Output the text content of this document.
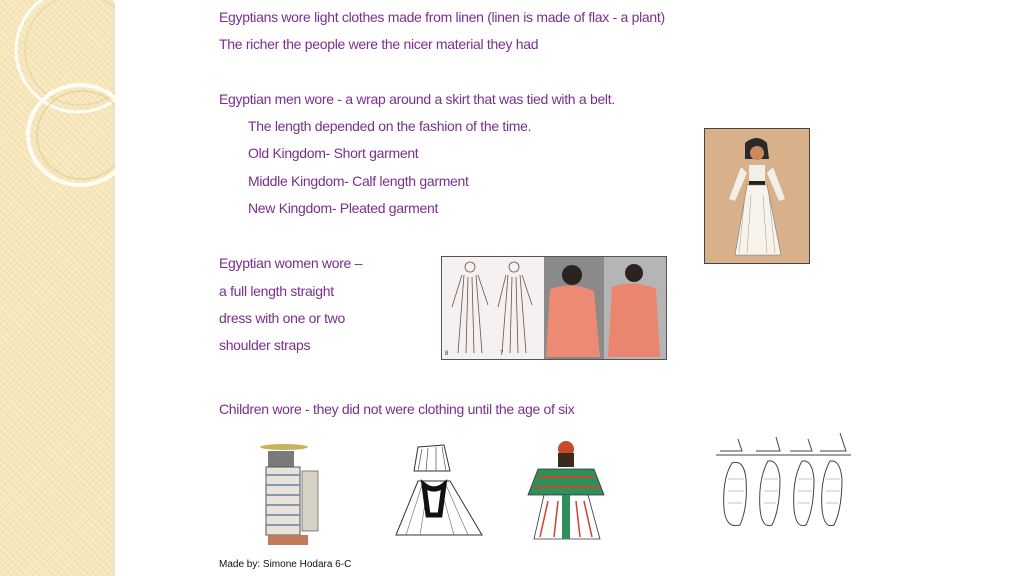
Egyptians wore light clothes made from linen (linen is made of flax - a plant)
The richer the people were the nicer material they had
Egyptian men wore - a wrap around a skirt that was tied with a belt.
The length depended on the fashion of the time.
Old Kingdom- Short garment
Middle Kingdom- Calf length garment
New Kingdom- Pleated garment
Egyptian women wore –
a full length straight
dress with one or two
shoulder straps
Children wore - they did not were clothing until the age of six
8	7
Made by: Simone Hodara 6-C
